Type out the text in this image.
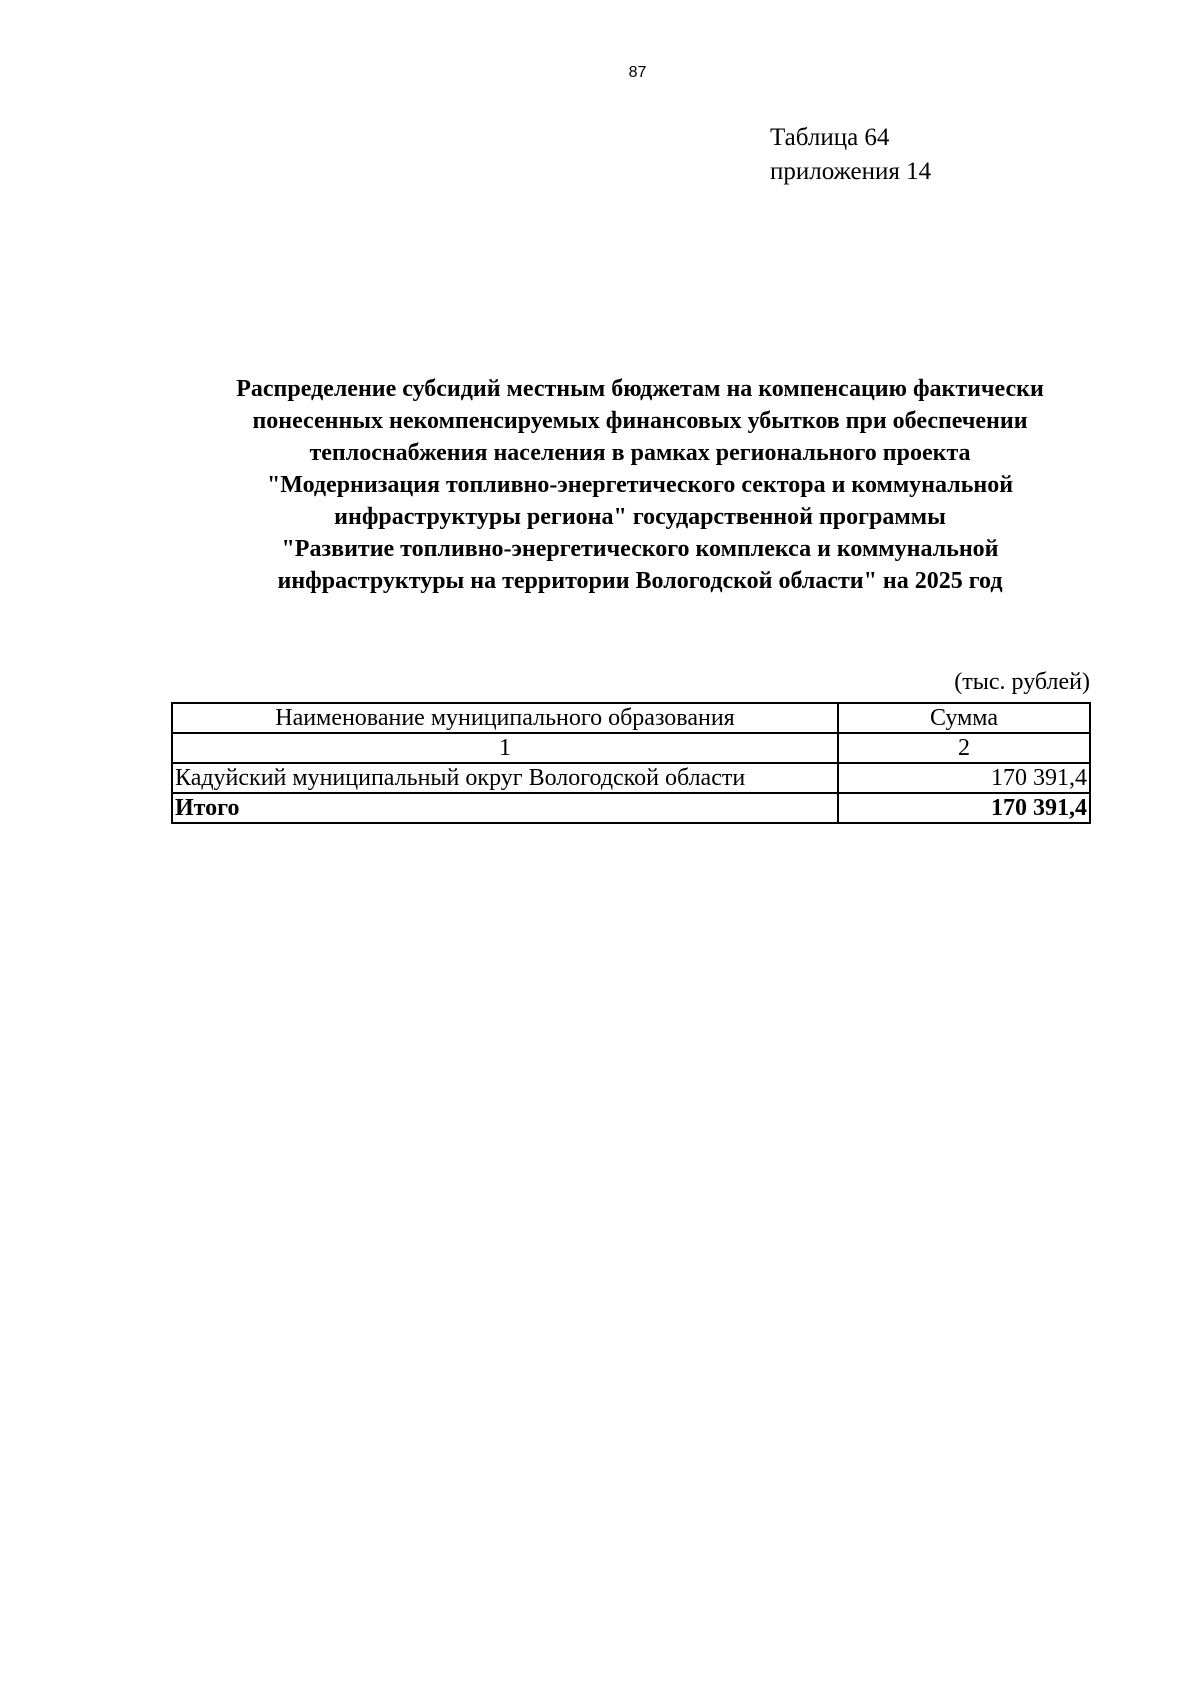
87
Таблица 64
приложения 14
Распределение субсидий местным бюджетам на компенсацию фактически
понесенных некомпенсируемых финансовых убытков при обеспечении
теплоснабжения населения в рамках регионального проекта
"Модернизация топливно-энергетического сектора и коммунальной
инфраструктуры региона" государственной программы
"Развитие топливно-энергетического комплекса и коммунальной
инфраструктуры на территории Вологодской области" на 2025 год
(тыс. рублей)
Наименование муниципального образования	Сумма
1	2
Кадуйский муниципальный округ Вологодской области	170 391,4
Итого	170 391,4
